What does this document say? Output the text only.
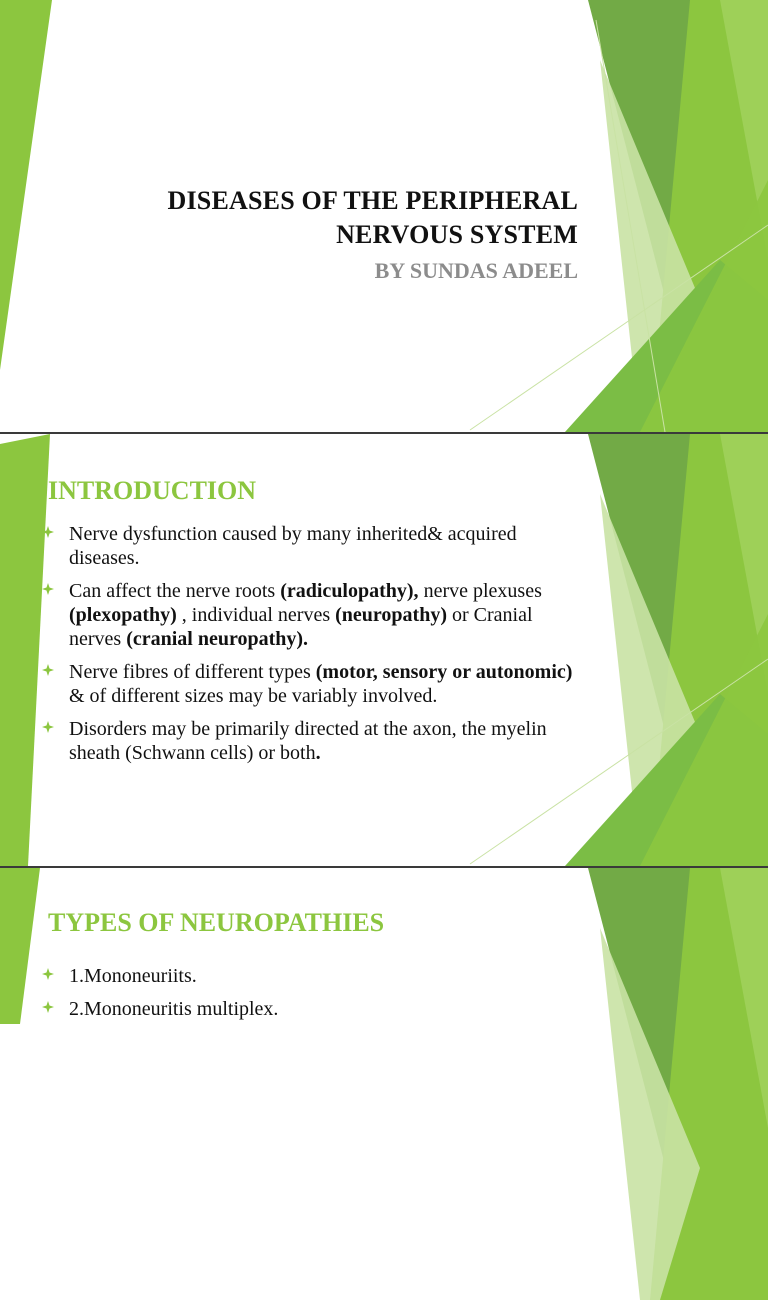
DISEASES OF THE PERIPHERAL
NERVOUS SYSTEM
BY SUNDAS ADEEL
INTRODUCTION
Nerve dysfunction caused by many inherited& acquired diseases.
Can affect the nerve roots (radiculopathy), nerve plexuses (plexopathy) , individual nerves (neuropathy) or Cranial nerves (cranial neuropathy).
Nerve fibres of different types (motor, sensory or autonomic) & of different sizes may be variably involved.
Disorders may be primarily directed at the axon, the myelin sheath (Schwann cells) or both.
TYPES OF NEUROPATHIES
1.Mononeuriits.
2.Mononeuritis multiplex.
